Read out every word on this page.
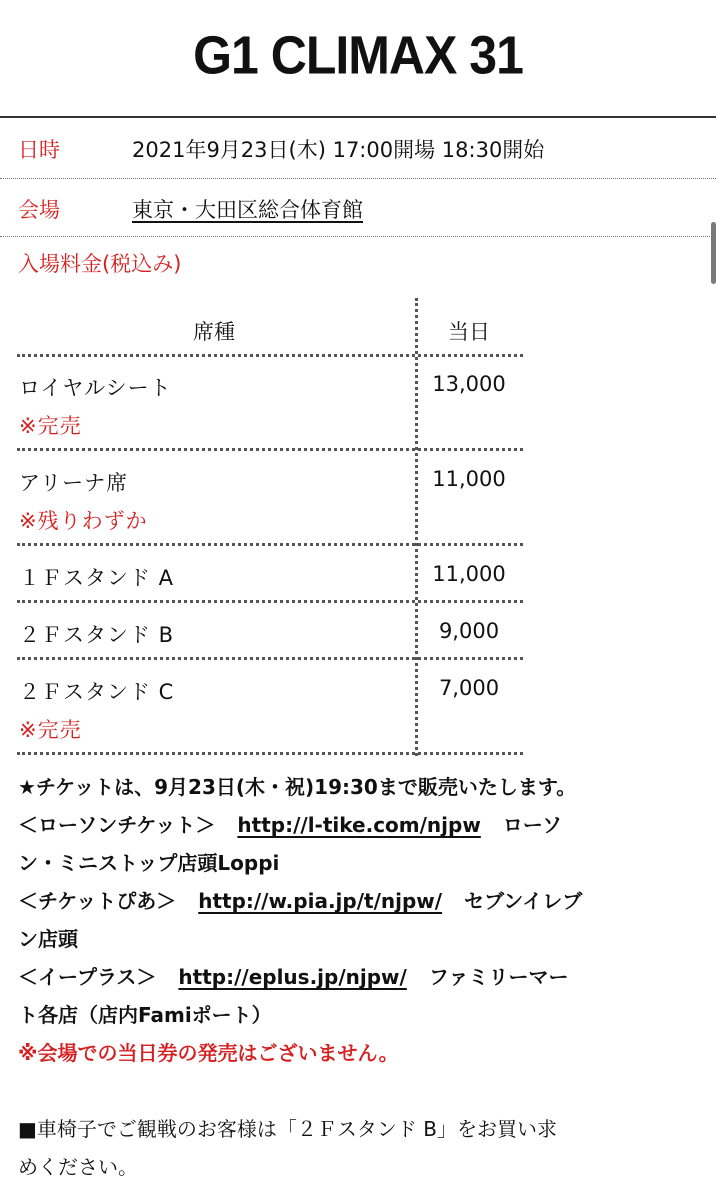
G1 CLIMAX 31
日時	2021年9月23日(木) 17:00開場 18:30開始
会場	東京・大田区総合体育館
入場料金(税込み)
席種	当日
ロイヤルシート	13,000
※完売
アリーナ席	11,000
※残りわずか
１Ｆスタンド A	11,000
２Ｆスタンド B	9,000
２Ｆスタンド C	7,000
※完売
★チケットは、9月23日(木・祝)19:30まで販売いたします。
＜ローソンチケット＞ http://l-tike.com/njpw ローソ
ン・ミニストップ店頭Loppi
＜チケットぴあ＞ http://w.pia.jp/t/njpw/ セブンイレブ
ン店頭
＜イープラス＞ http://eplus.jp/njpw/ ファミリーマー
ト各店（店内Famiポート）
※会場での当日券の発売はございません。
■車椅子でご観戦のお客様は「２Ｆスタンド B」をお買い求
めください。
